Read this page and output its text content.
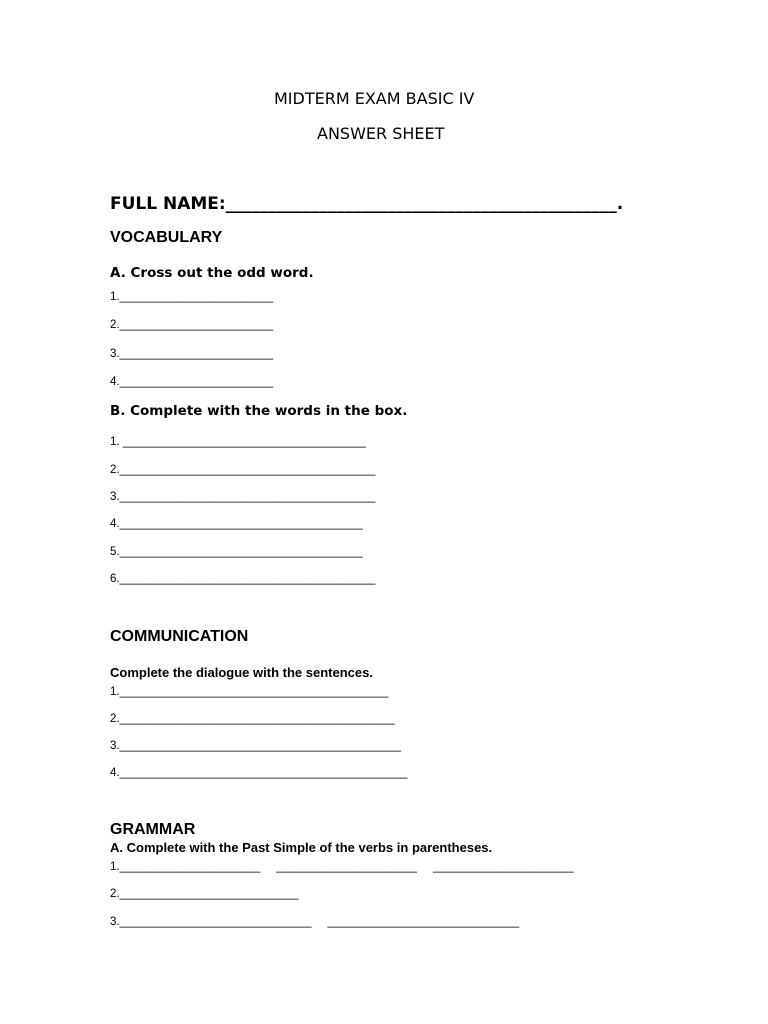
MIDTERM EXAM BASIC IV
ANSWER SHEET
FULL NAME:______________________________________________.
VOCABULARY
A. Cross out the odd word.
1.________________________
2.________________________
3.________________________
4.________________________
B. Complete with the words in the box.
1. ______________________________________
2.________________________________________
3.________________________________________
4.______________________________________
5.______________________________________
6.________________________________________
COMMUNICATION
Complete the dialogue with the sentences.
1.__________________________________________
2.___________________________________________
3.____________________________________________
4._____________________________________________
GRAMMAR
A. Complete with the Past Simple of the verbs in parentheses.
1.______________________     ______________________     ______________________
2.____________________________
3.______________________________     ______________________________
